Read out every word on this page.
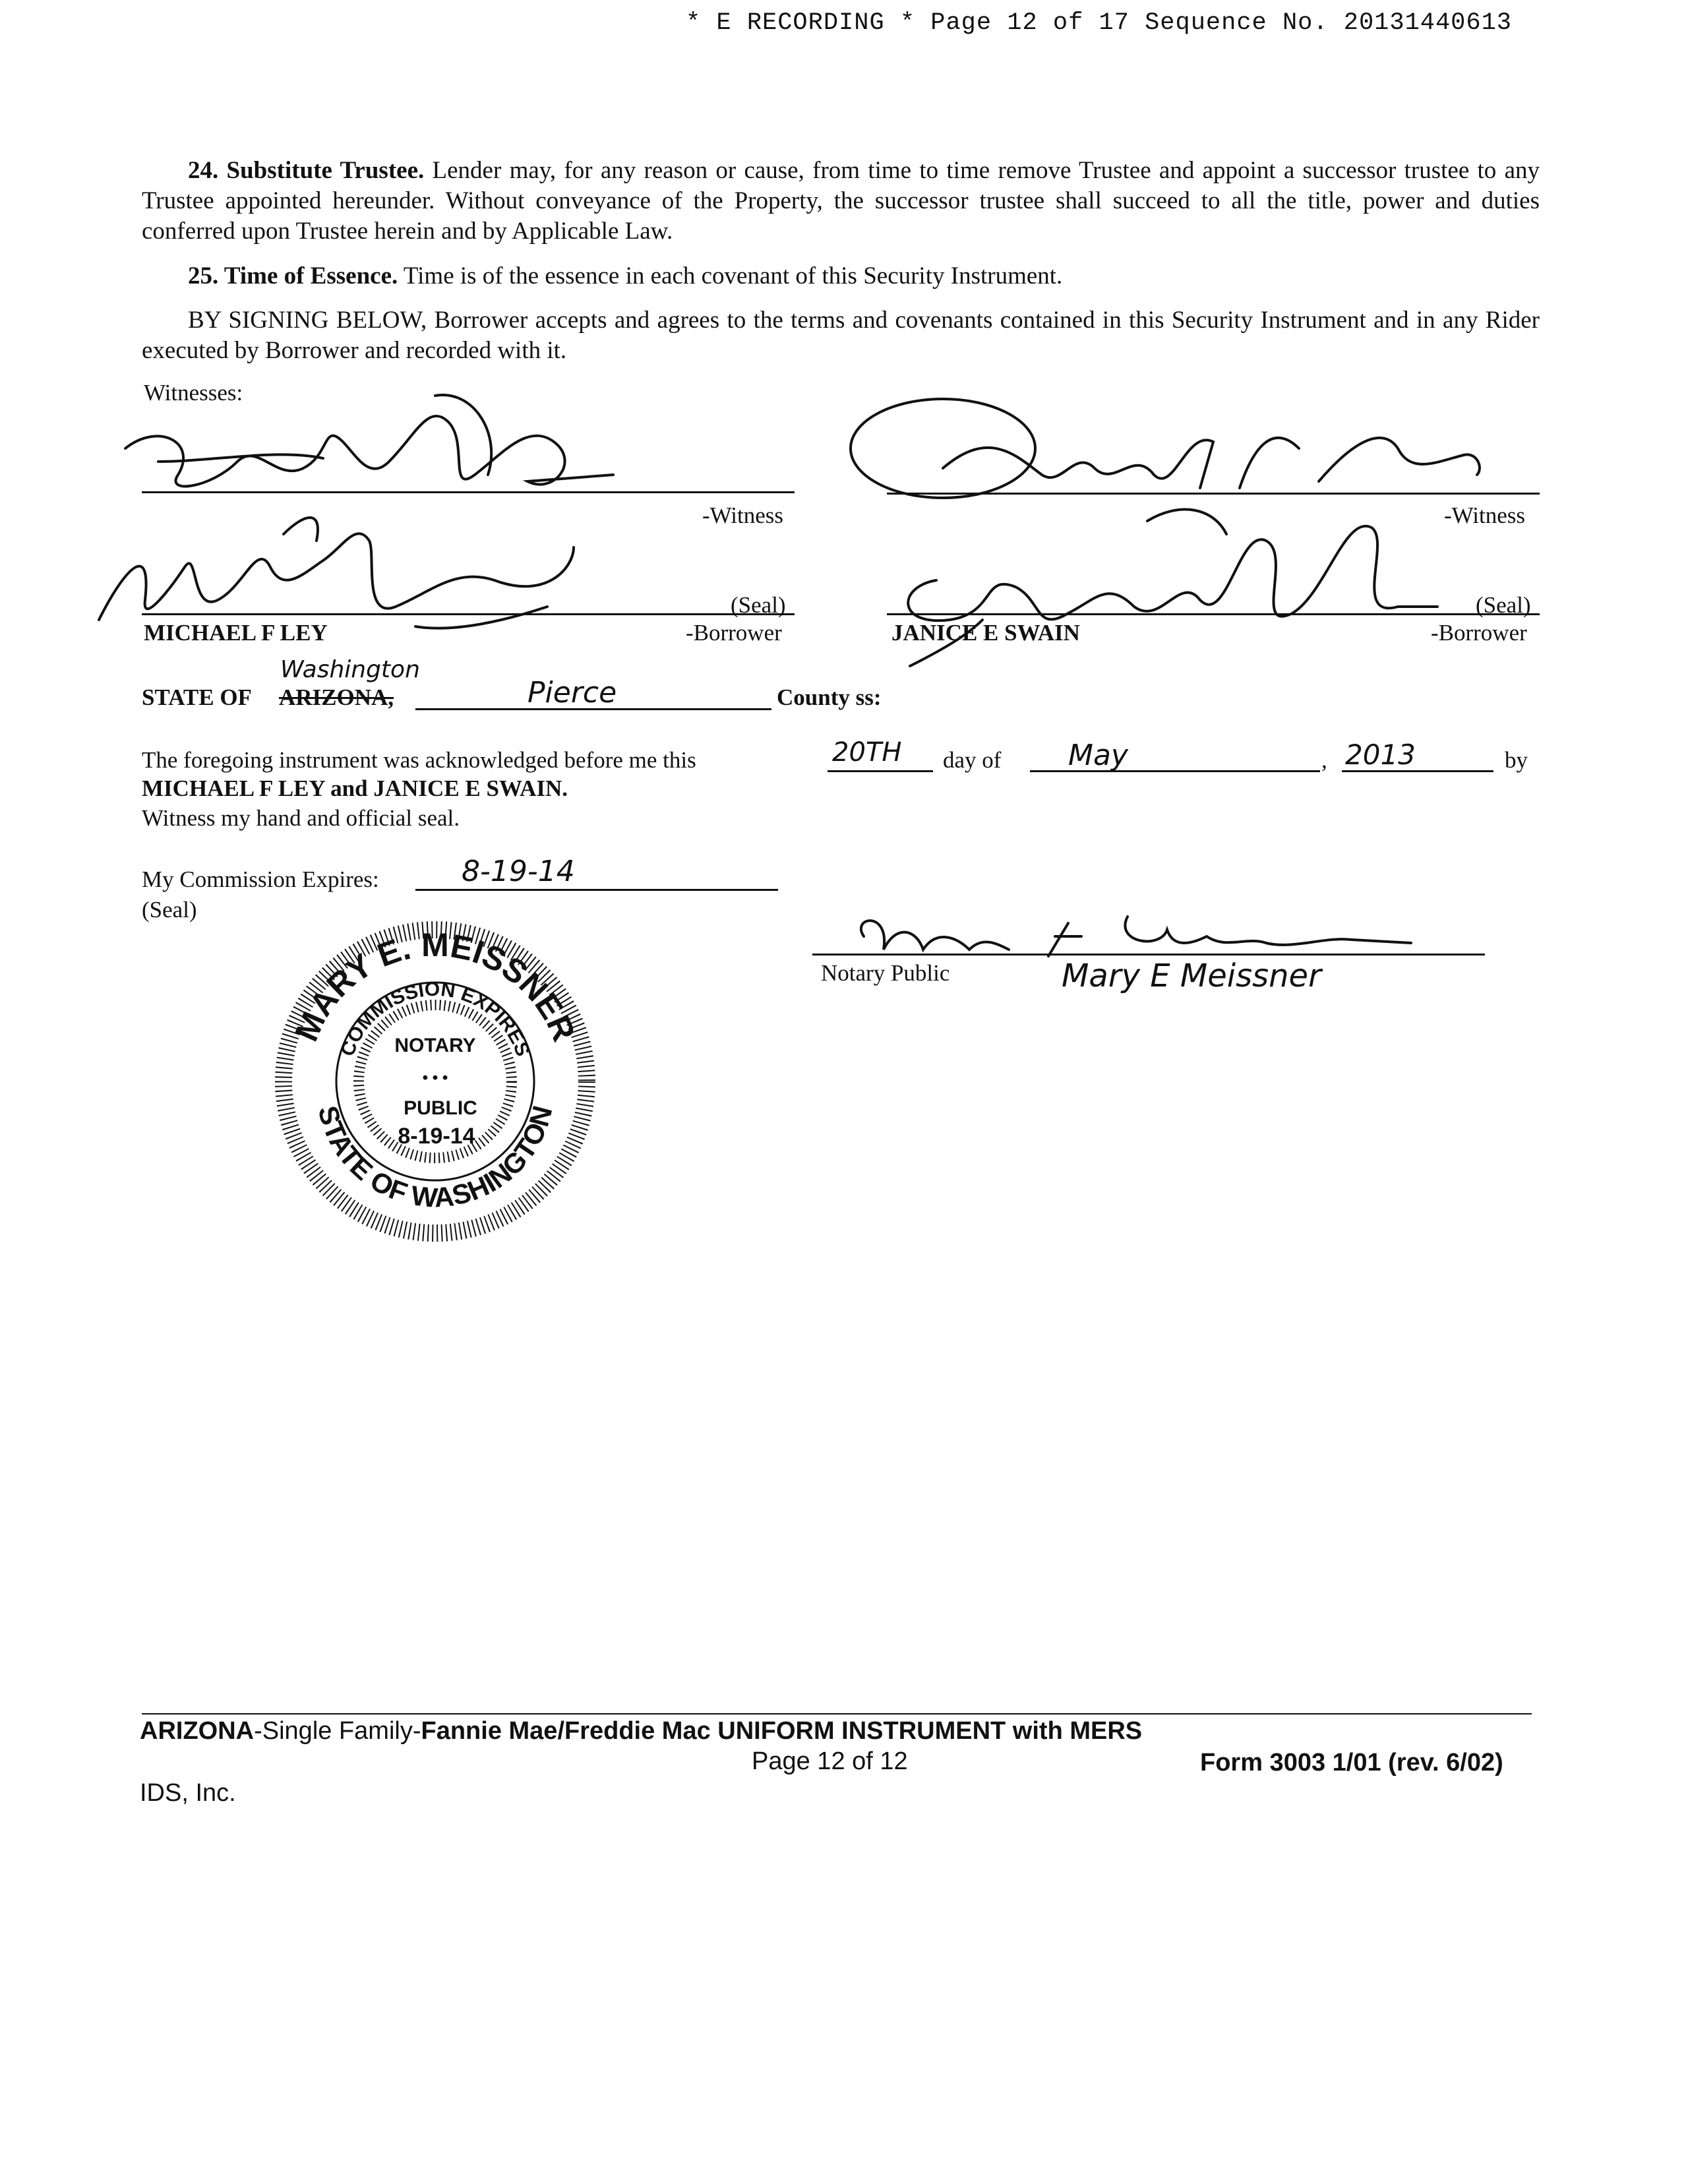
* E RECORDING * Page 12 of 17 Sequence No. 20131440613
24. Substitute Trustee. Lender may, for any reason or cause, from time to time remove Trustee and appoint a successor trustee to any Trustee appointed hereunder. Without conveyance of the Property, the successor trustee shall succeed to all the title, power and duties conferred upon Trustee herein and by Applicable Law.
25. Time of Essence. Time is of the essence in each covenant of this Security Instrument.
BY SIGNING BELOW, Borrower accepts and agrees to the terms and covenants contained in this Security Instrument and in any Rider executed by Borrower and recorded with it.
Witnesses:
-Witness	-Witness
(Seal)
MICHAEL F LEY	-Borrower
(Seal)
JANICE E SWAIN	-Borrower
STATE OF ARIZONA,
Washington
Pierce	County ss:
The foregoing instrument was acknowledged before me this	20TH day of May	, 2013	by
MICHAEL F LEY and JANICE E SWAIN.
Witness my hand and official seal.
My Commission Expires:	8-19-14
(Seal)
Notary Public	Mary E Meissner
MARY E. MEISSNER
COMMISSION EXPIRES
NOTARY
• • •
PUBLIC
8-19-14
STATE OF WASHINGTON
ARIZONA-Single Family-Fannie Mae/Freddie Mac UNIFORM INSTRUMENT with MERS
Page 12 of 12	Form 3003 1/01 (rev. 6/02)
IDS, Inc.
